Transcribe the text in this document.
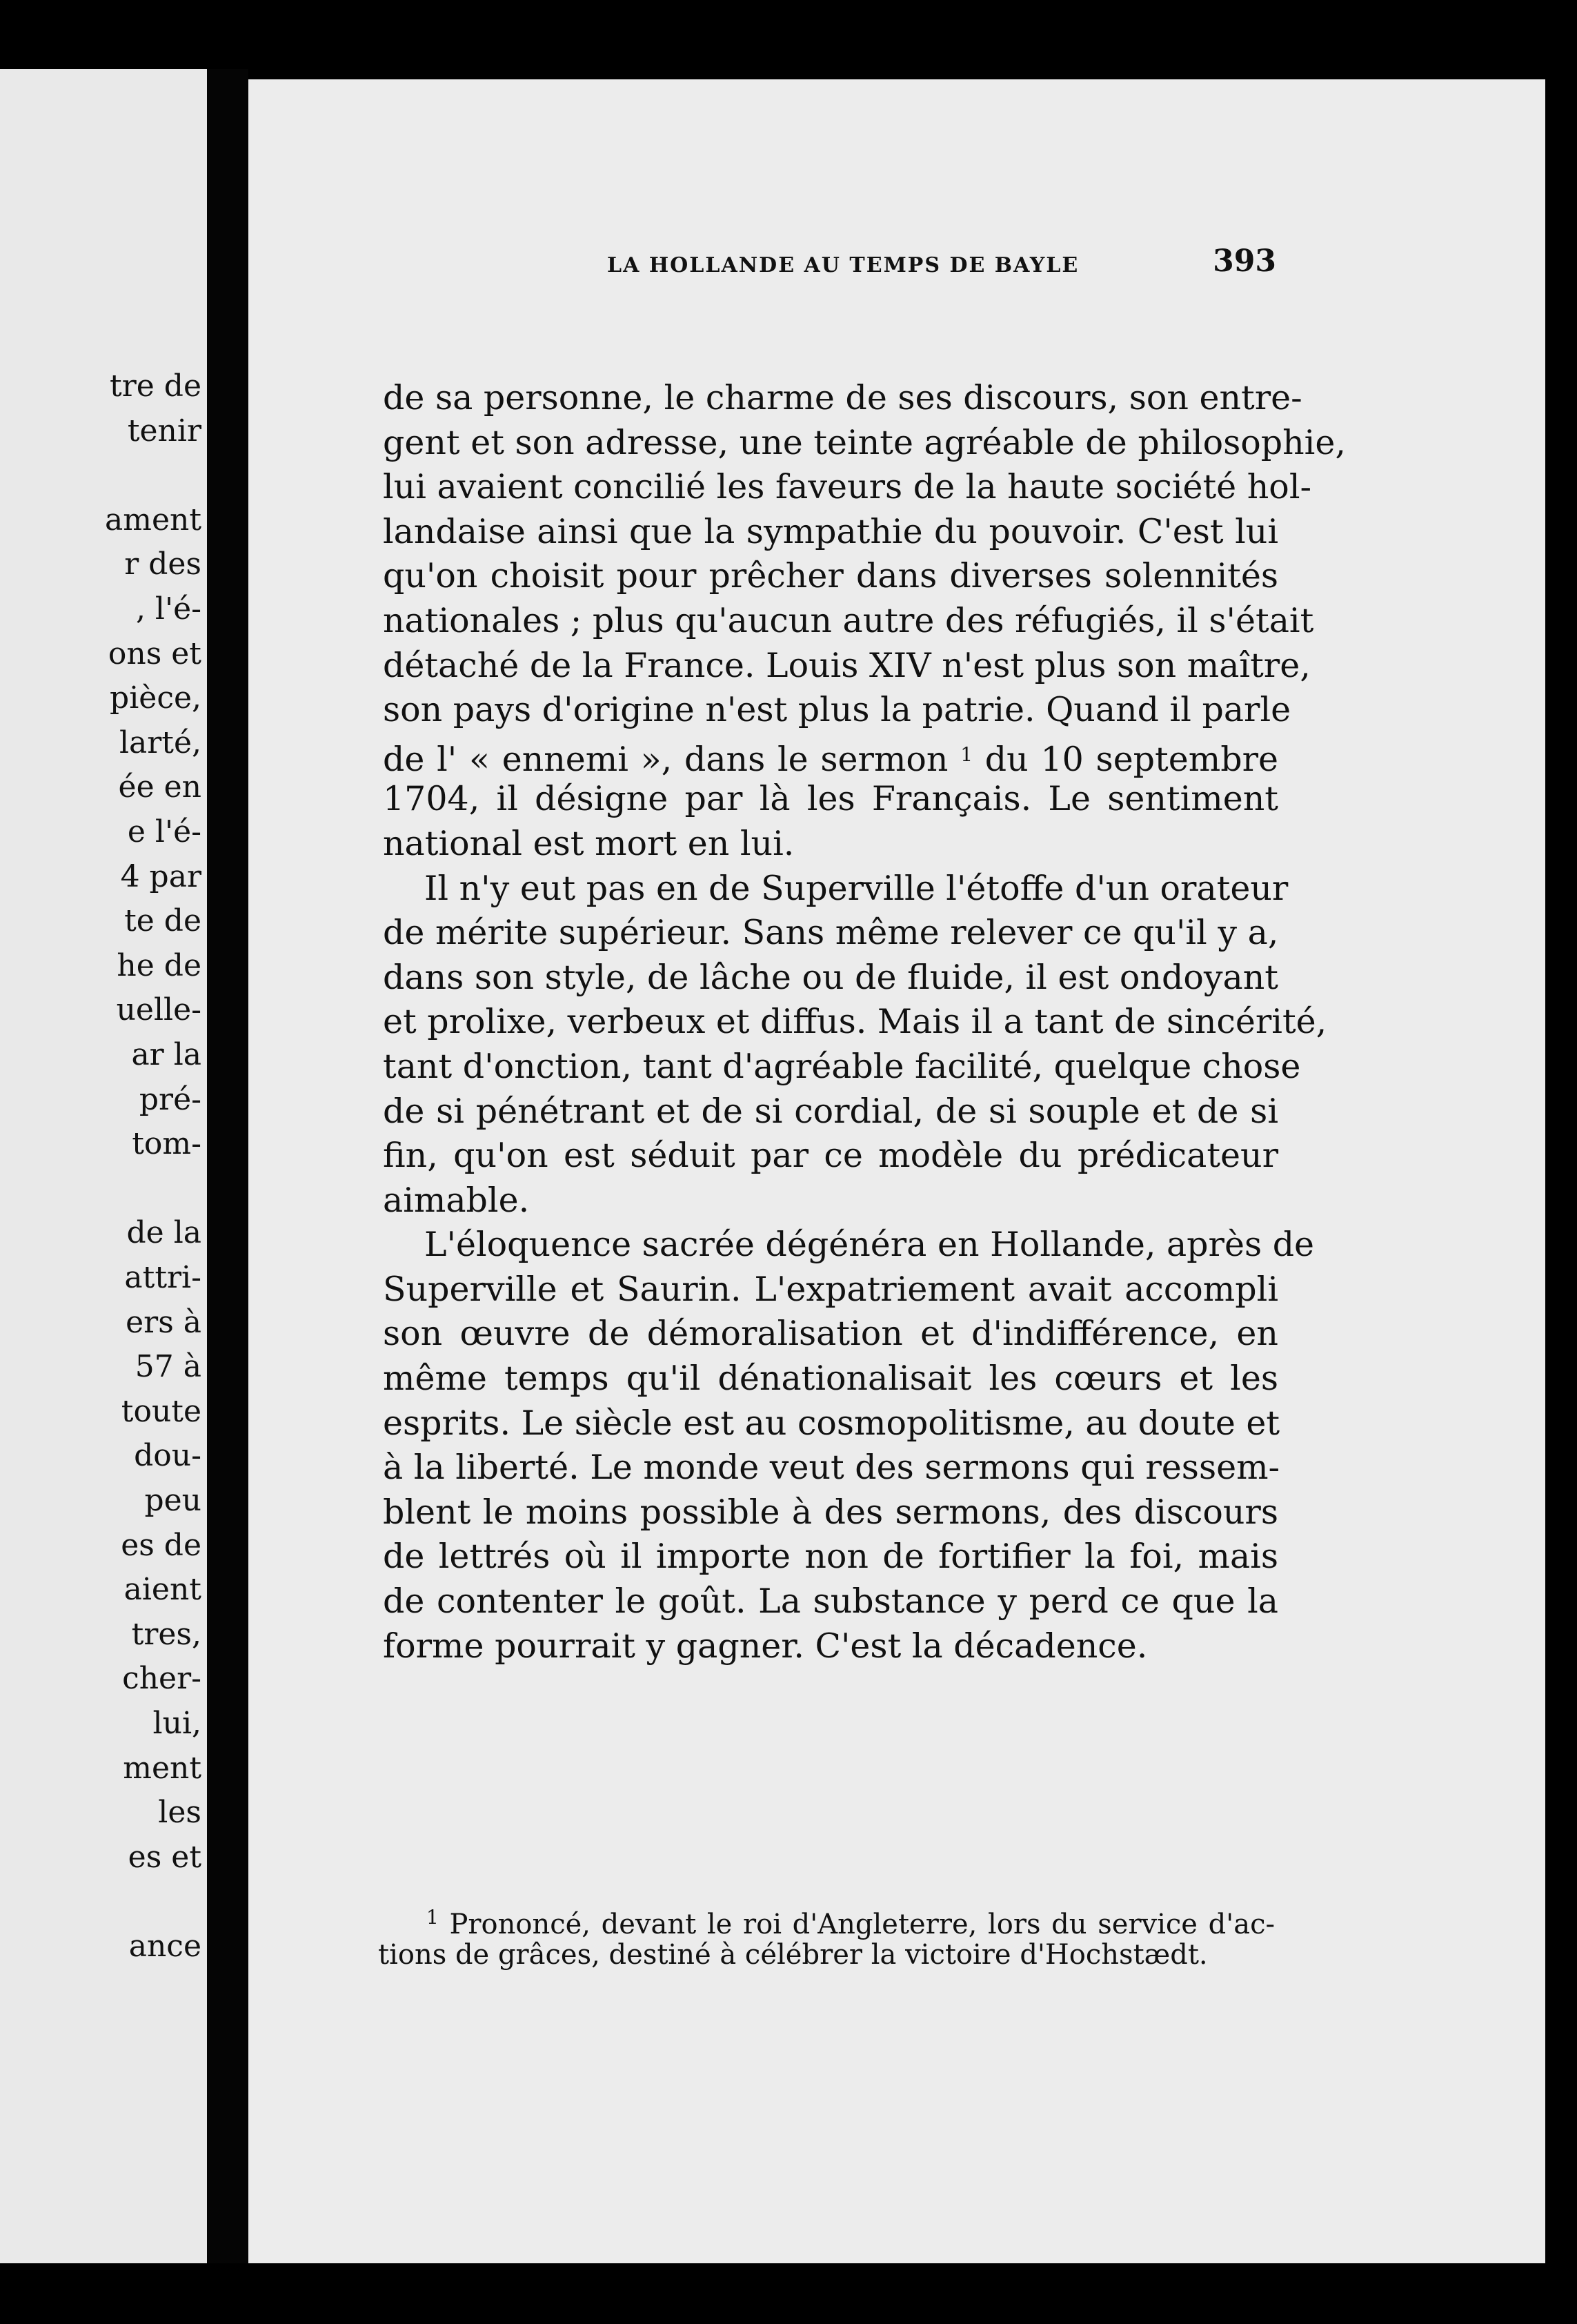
tre de
tenir
ament
r des
, l'é-
ons et
pièce,
larté,
ée en
e l'é-
4 par
te de
he de
uelle-
ar la
pré-
tom-
de la
attri-
ers à
57 à
toute
dou-
peu
es de
aient
tres,
cher-
lui,
ment
les
es et
ance
LA HOLLANDE AU TEMPS DE BAYLE	393
de sa personne, le charme de ses discours, son entre-
gent et son adresse, une teinte agréable de philosophie,
lui avaient concilié les faveurs de la haute société hol-
landaise ainsi que la sympathie du pouvoir. C'est lui
qu'on choisit pour prêcher dans diverses solennités
nationales ; plus qu'aucun autre des réfugiés, il s'était
détaché de la France. Louis XIV n'est plus son maître,
son pays d'origine n'est plus la patrie. Quand il parle
de l' « ennemi », dans le sermon $^1$ du 10 septembre
1704, il désigne par là les Français. Le sentiment
national est mort en lui.
Il n'y eut pas en de Superville l'étoffe d'un orateur
de mérite supérieur. Sans même relever ce qu'il y a,
dans son style, de lâche ou de fluide, il est ondoyant
et prolixe, verbeux et diffus. Mais il a tant de sincérité,
tant d'onction, tant d'agréable facilité, quelque chose
de si pénétrant et de si cordial, de si souple et de si
fin, qu'on est séduit par ce modèle du prédicateur
aimable.
L'éloquence sacrée dégénéra en Hollande, après de
Superville et Saurin. L'expatriement avait accompli
son œuvre de démoralisation et d'indifférence, en
même temps qu'il dénationalisait les cœurs et les
esprits. Le siècle est au cosmopolitisme, au doute et
à la liberté. Le monde veut des sermons qui ressem-
blent le moins possible à des sermons, des discours
de lettrés où il importe non de fortifier la foi, mais
de contenter le goût. La substance y perd ce que la
forme pourrait y gagner. C'est la décadence.
$^1$ Prononcé, devant le roi d'Angleterre, lors du service d'ac-
tions de grâces, destiné à célébrer la victoire d'Hochstædt.
